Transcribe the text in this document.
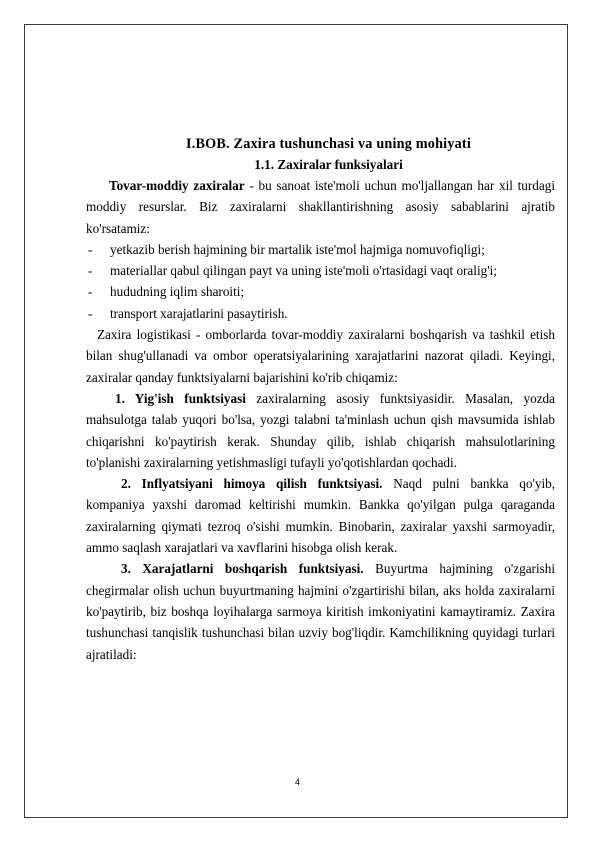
I.BOB. Zaxira tushunchasi va uning mohiyati
1.1. Zaxiralar funksiyalari

Tovar-moddiy zaxiralar - bu sanoat iste'moli uchun mo'ljallangan har xil turdagi moddiy resurslar. Biz zaxiralarni shakllantirishning asosiy sabablarini ajratib ko'rsatamiz:

- yetkazib berish hajmining bir martalik iste'mol hajmiga nomuvofiqligi;
- materiallar qabul qilingan payt va uning iste'moli o'rtasidagi vaqt oralig'i;
- hududning iqlim sharoiti;
- transport xarajatlarini pasaytirish.

Zaxira logistikasi - omborlarda tovar-moddiy zaxiralarni boshqarish va tashkil etish bilan shug'ullanadi va ombor operatsiyalarining xarajatlarini nazorat qiladi. Keyingi, zaxiralar qanday funktsiyalarni bajarishini ko'rib chiqamiz:

1. Yig'ish funktsiyasi zaxiralarning asosiy funktsiyasidir. Masalan, yozda mahsulotga talab yuqori bo'lsa, yozgi talabni ta'minlash uchun qish mavsumida ishlab chiqarishni ko'paytirish kerak. Shunday qilib, ishlab chiqarish mahsulotlarining to'planishi zaxiralarning yetishmasligi tufayli yo'qotishlardan qochadi.

2. Inflyatsiyani himoya qilish funktsiyasi. Naqd pulni bankka qo'yib, kompaniya yaxshi daromad keltirishi mumkin. Bankka qo'yilgan pulga qaraganda zaxiralarning qiymati tezroq o'sishi mumkin. Binobarin, zaxiralar yaxshi sarmoyadir, ammo saqlash xarajatlari va xavflarini hisobga olish kerak.

3. Xarajatlarni boshqarish funktsiyasi. Buyurtma hajmining o'zgarishi chegirmalar olish uchun buyurtmaning hajmini o'zgartirishi bilan, aks holda zaxiralarni ko'paytirib, biz boshqa loyihalarga sarmoya kiritish imkoniyatini kamaytiramiz. Zaxira tushunchasi tanqislik tushunchasi bilan uzviy bog'liqdir. Kamchilikning quyidagi turlari ajratiladi:

4
